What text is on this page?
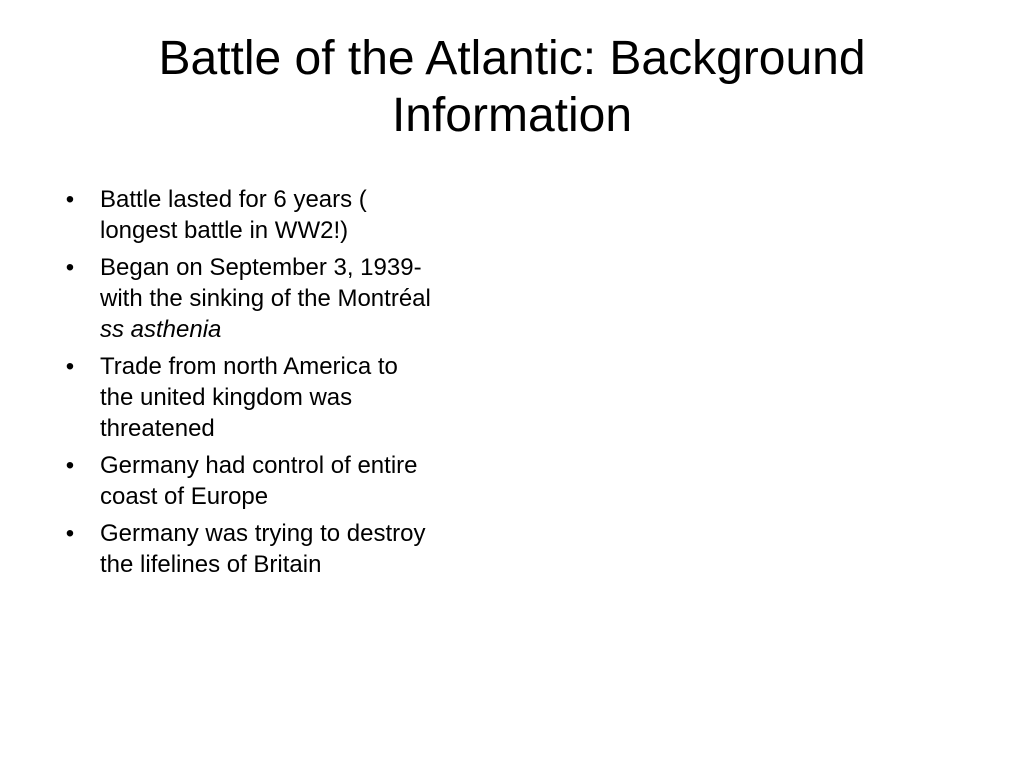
Battle of the Atlantic: Background
Information
• Battle lasted for 6 years (
longest battle in WW2!)
• Began on September 3, 1939-
with the sinking of the Montréal
ss asthenia
• Trade from north America to
the united kingdom was
threatened
• Germany had control of entire
coast of Europe
• Germany was trying to destroy
the lifelines of Britain
